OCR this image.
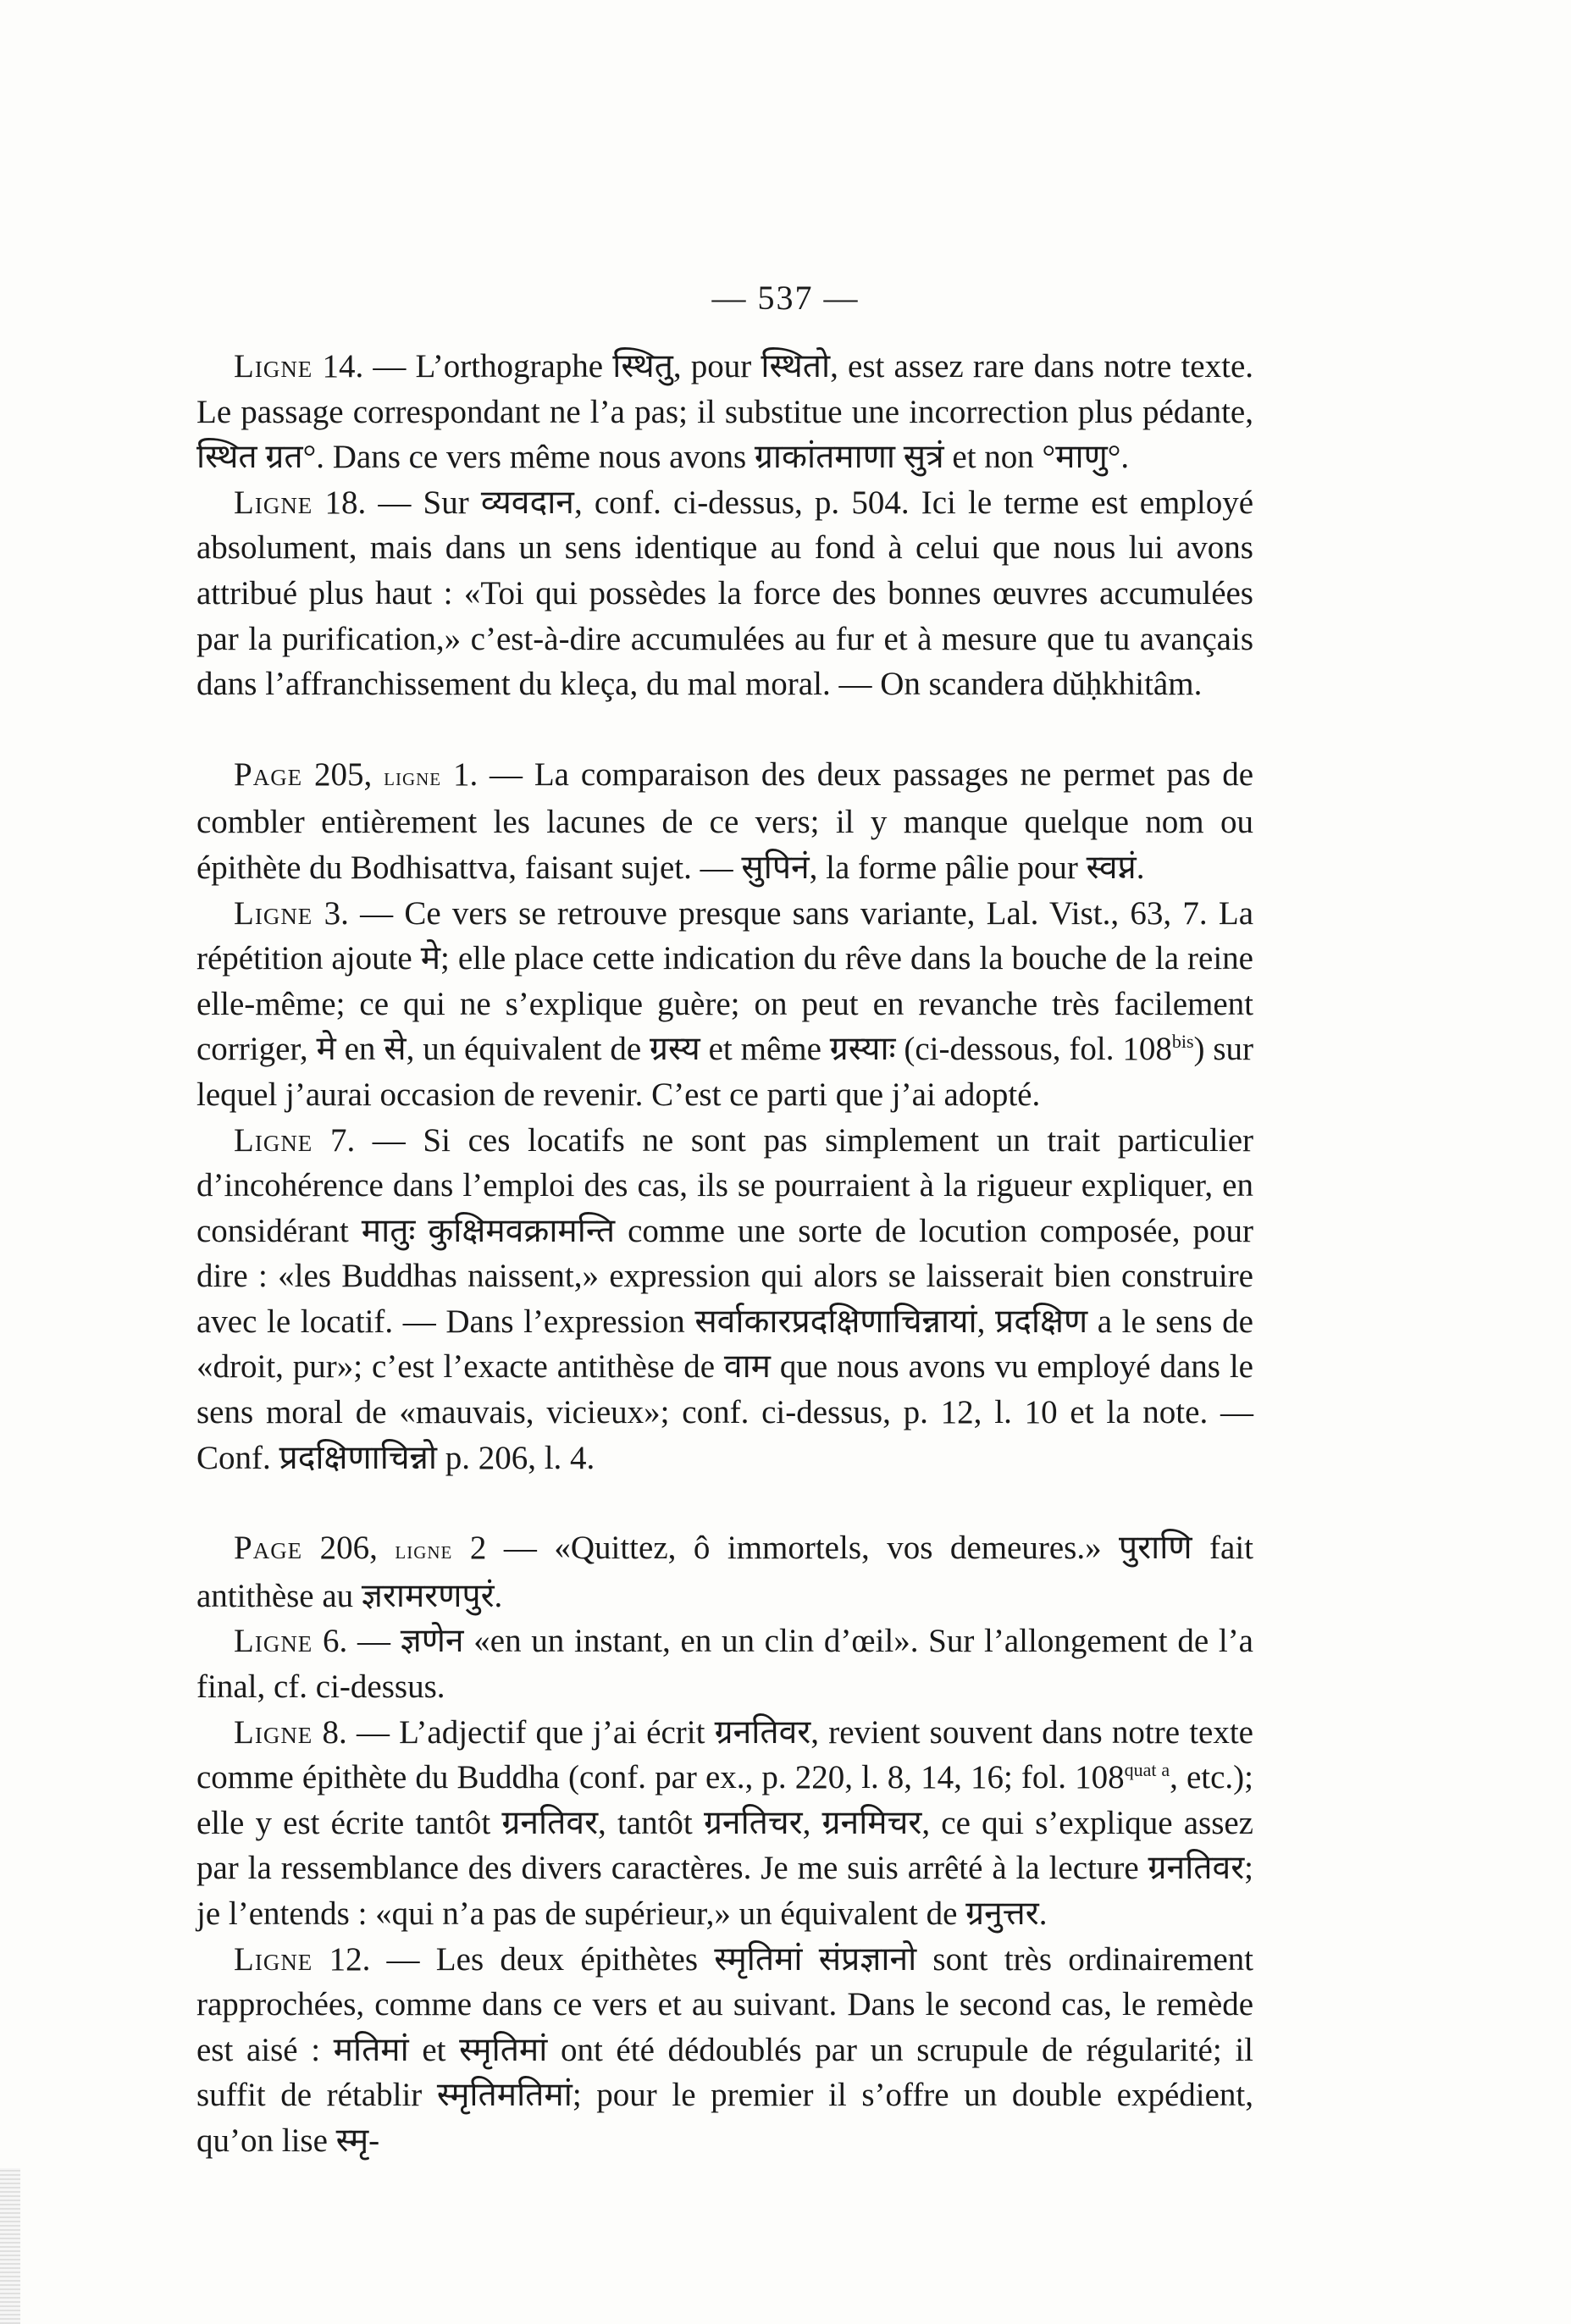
— 537 —

Ligne 14. — L’orthographe स्थितु, pour स्थितो, est assez rare dans notre texte. Le passage correspondant ne l’a pas; il substitue une incorrection plus pédante, स्थित ग्रत°. Dans ce vers même nous avons ग्राकांतमाणा सुत्रं et non °माणु°.

Ligne 18. — Sur व्यवदान, conf. ci-dessus, p. 504. Ici le terme est employé absolument, mais dans un sens identique au fond à celui que nous lui avons attribué plus haut : «Toi qui possèdes la force des bonnes œuvres accumulées par la purification,» c’est-à-dire accumulées au fur et à mesure que tu avançais dans l’affranchissement du kleça, du mal moral. — On scandera dŭḥkhitâm.

Page 205, ligne 1. — La comparaison des deux passages ne permet pas de combler entièrement les lacunes de ce vers; il y manque quelque nom ou épithète du Bodhisattva, faisant sujet. — सुपिनं, la forme pâlie pour स्वप्नं.

Ligne 3. — Ce vers se retrouve presque sans variante, Lal. Vist., 63, 7. La répétition ajoute मे; elle place cette indication du rêve dans la bouche de la reine elle-même; ce qui ne s’explique guère; on peut en revanche très facilement corriger, मे en से, un équivalent de ग्रस्य et même ग्रस्याः (ci-dessous, fol. $108^{bis}$) sur lequel j’aurai occasion de revenir. C’est ce parti que j’ai adopté.

Ligne 7. — Si ces locatifs ne sont pas simplement un trait particulier d’incohérence dans l’emploi des cas, ils se pourraient à la rigueur expliquer, en considérant मातुः कुक्षिमवक्रामन्ति comme une sorte de locution composée, pour dire : «les Buddhas naissent,» expression qui alors se laisserait bien construire avec le locatif. — Dans l’expression सर्वाकारप्रदक्षिणाचिन्नायां, प्रदक्षिण a le sens de «droit, pur»; c’est l’exacte antithèse de वाम que nous avons vu employé dans le sens moral de «mauvais, vicieux»; conf. ci-dessus, p. 12, l. 10 et la note. — Conf. प्रदक्षिणाचिन्नो p. 206, l. 4.

Page 206, ligne 2 — «Quittez, ô immortels, vos demeures.» पुराणि fait antithèse au ज्ञरामरणपुरं.

Ligne 6. — ज्ञणेन «en un instant, en un clin d’œil». Sur l’allongement de l’a final, cf. ci-dessus.

Ligne 8. — L’adjectif que j’ai écrit ग्रनतिवर, revient souvent dans notre texte comme épithète du Buddha (conf. par ex., p. 220, l. 8, 14, 16; fol. $108^{quat a}$, etc.); elle y est écrite tantôt ग्रनतिवर, tantôt ग्रनतिचर, ग्रनमिचर, ce qui s’explique assez par la ressemblance des divers caractères. Je me suis arrêté à la lecture ग्रनतिवर; je l’entends : «qui n’a pas de supérieur,» un équivalent de ग्रनुत्तर.

Ligne 12. — Les deux épithètes स्मृतिमां संप्रज्ञानो sont très ordinairement rapprochées, comme dans ce vers et au suivant. Dans le second cas, le remède est aisé : मतिमां et स्मृतिमां ont été dédoublés par un scrupule de régularité; il suffit de rétablir स्मृतिमतिमां; pour le premier il s’offre un double expédient, qu’on lise स्मृ-
